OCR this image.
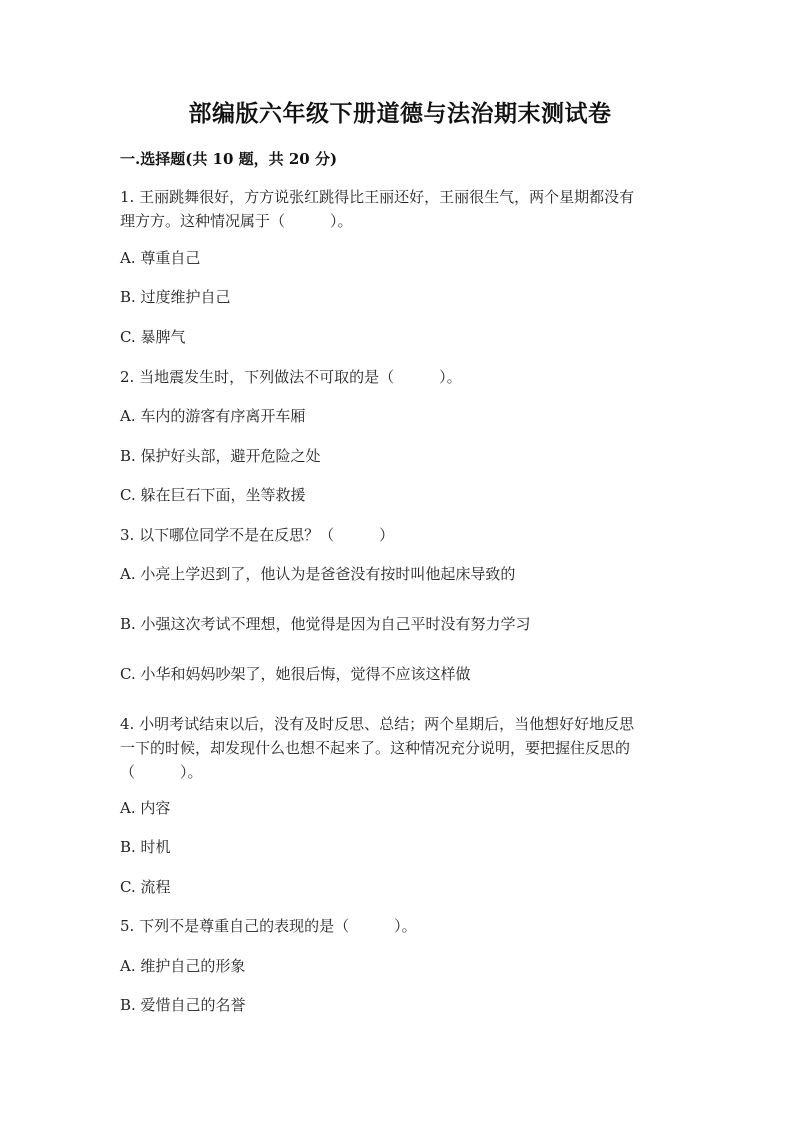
部编版六年级下册道德与法治期末测试卷
一.选择题(共 10 题，共 20 分)
1. 王丽跳舞很好，方方说张红跳得比王丽还好，王丽很生气，两个星期都没有
理方方。这种情况属于（　　　）。
A. 尊重自己
B. 过度维护自己
C. 暴脾气
2. 当地震发生时，下列做法不可取的是（　　　）。
A. 车内的游客有序离开车厢
B. 保护好头部，避开危险之处
C. 躲在巨石下面，坐等救援
3. 以下哪位同学不是在反思？（　　　）
A. 小亮上学迟到了，他认为是爸爸没有按时叫他起床导致的
B. 小强这次考试不理想，他觉得是因为自己平时没有努力学习
C. 小华和妈妈吵架了，她很后悔，觉得不应该这样做
4. 小明考试结束以后，没有及时反思、总结；两个星期后，当他想好好地反思
一下的时候，却发现什么也想不起来了。这种情况充分说明，要把握住反思的
（　　　）。
A. 内容
B. 时机
C. 流程
5. 下列不是尊重自己的表现的是（　　　）。
A. 维护自己的形象
B. 爱惜自己的名誉
